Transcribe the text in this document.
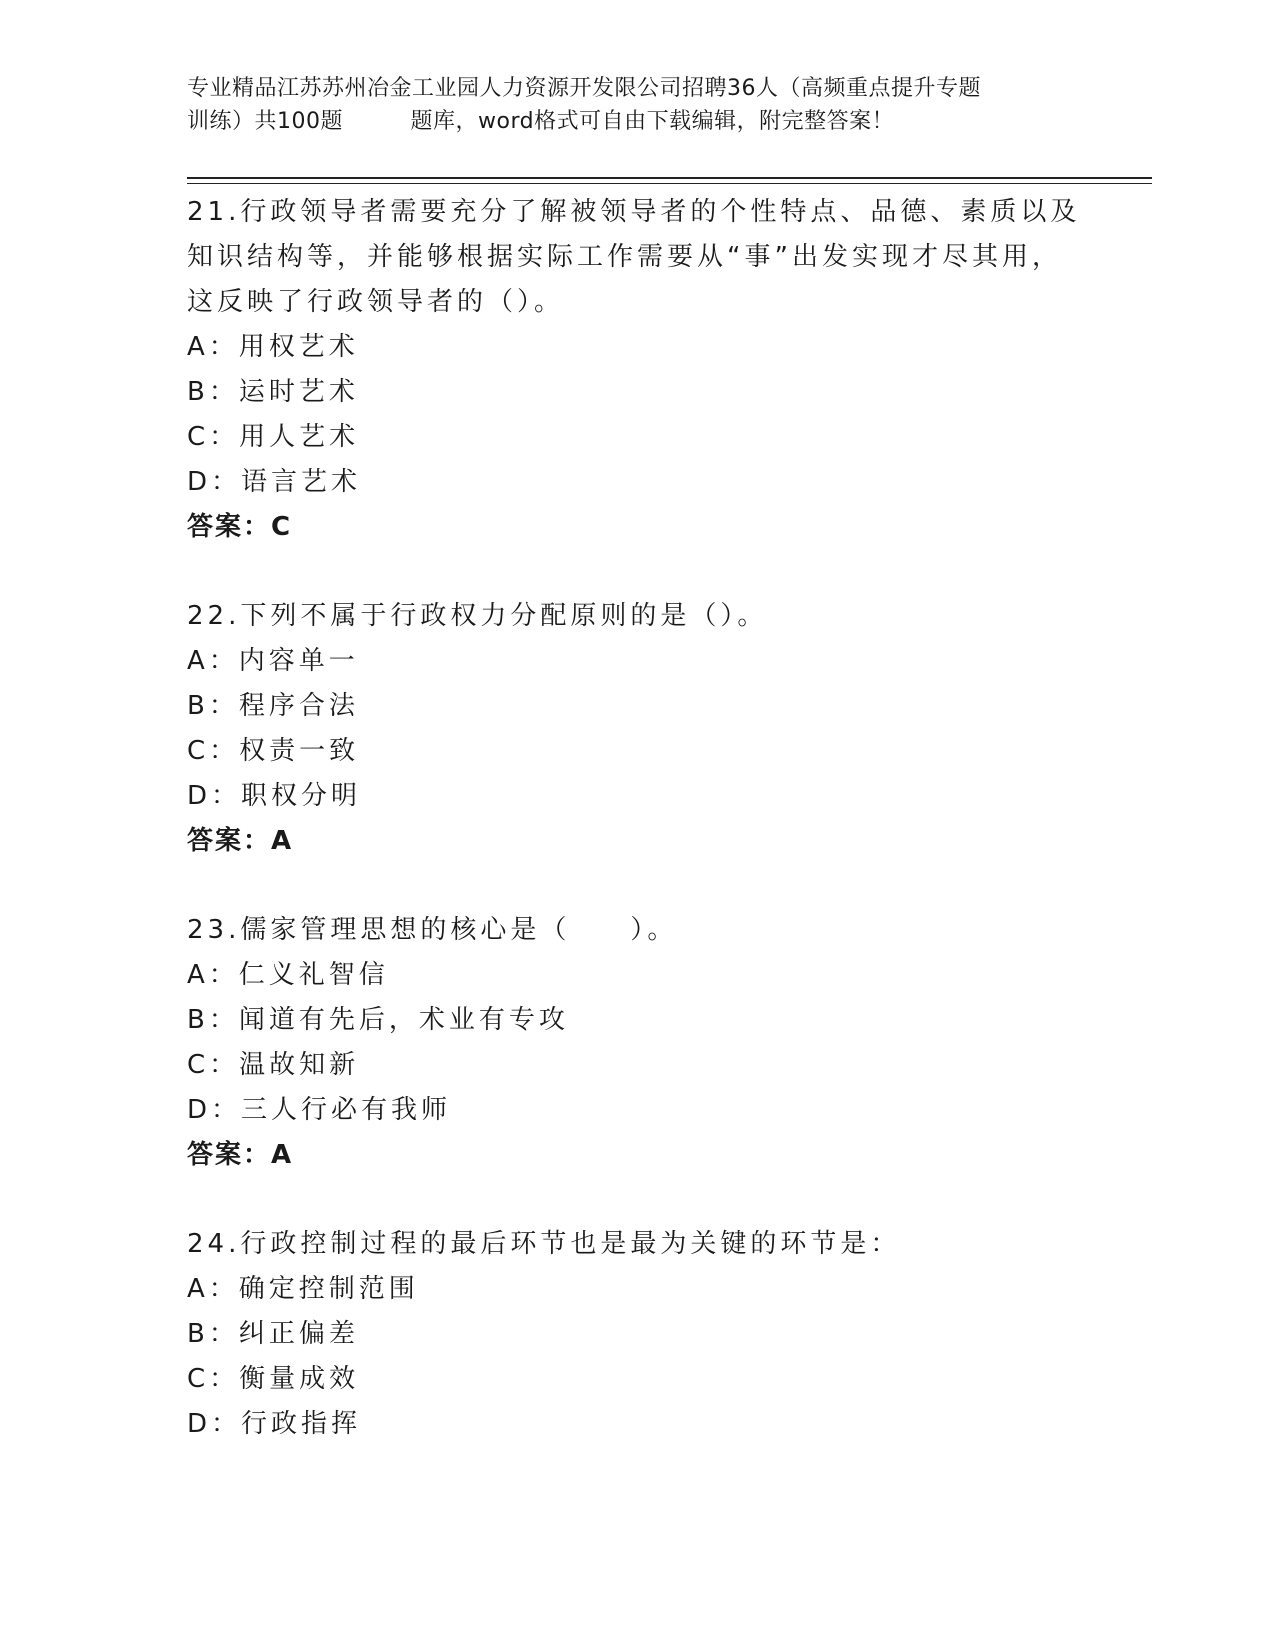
专业精品江苏苏州冶金工业园人力资源开发限公司招聘36人（高频重点提升专题
训练）共100题　　　题库，word格式可自由下载编辑，附完整答案！

21.行政领导者需要充分了解被领导者的个性特点、品德、素质以及知识结构等，并能够根据实际工作需要从“事”出发实现才尽其用，这反映了行政领导者的（）。

A：用权艺术

B：运时艺术

C：用人艺术

D：语言艺术

答案：C

22.下列不属于行政权力分配原则的是（）。

A：内容单一

B：程序合法

C：权责一致

D：职权分明

答案：A

23.儒家管理思想的核心是（　　）。

A：仁义礼智信

B：闻道有先后，术业有专攻

C：温故知新

D：三人行必有我师

答案：A

24.行政控制过程的最后环节也是最为关键的环节是：

A：确定控制范围

B：纠正偏差

C：衡量成效

D：行政指挥
